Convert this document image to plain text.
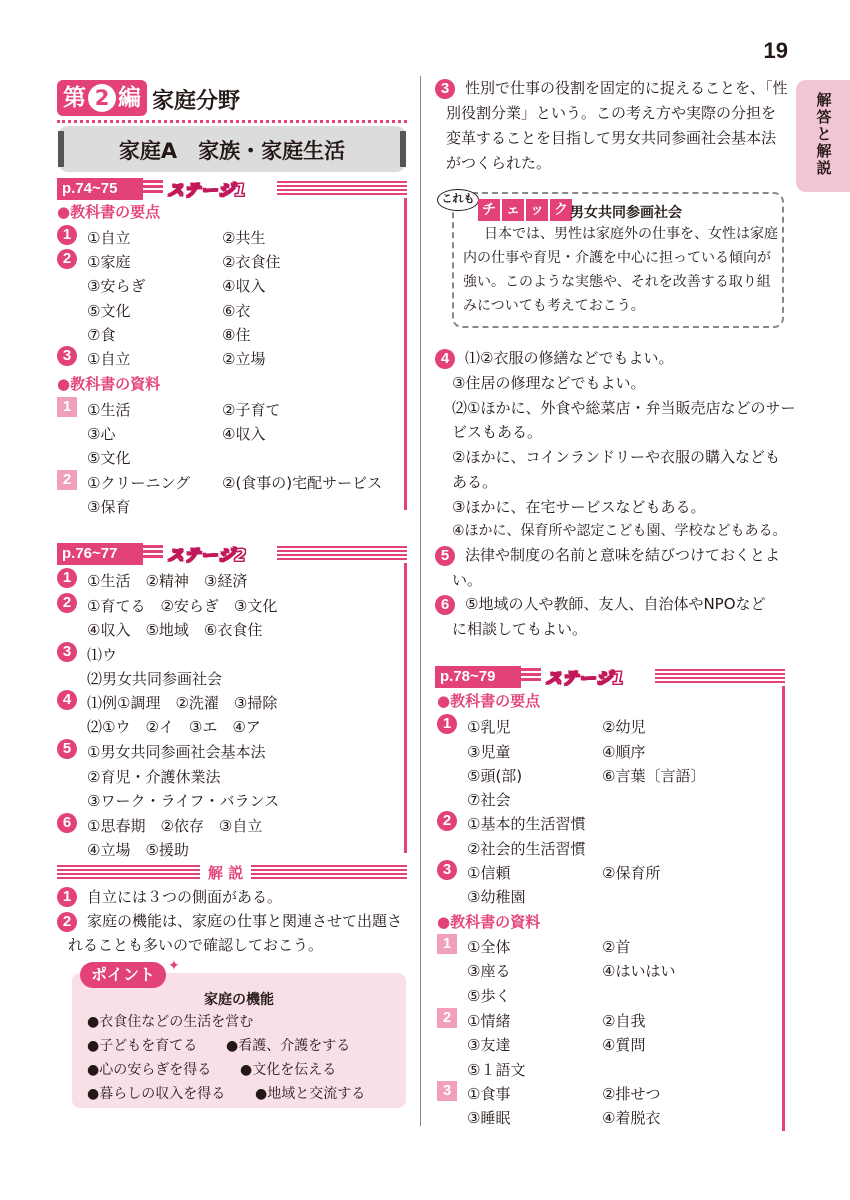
19
解答と解説
第 2 編 家庭分野
家庭A　家族・家庭生活
p.74~75	ステージ1
●教科書の要点
1	①自立	②共生
2	①家庭	②衣食住
③安らぎ	④収入
⑤文化	⑥衣
⑦食	⑧住
3	①自立	②立場
●教科書の資料
1	①生活	②子育て
③心	④収入
⑤文化
2	①クリーニング ②(食事の)宅配サービス
③保育
p.76~77	ステージ2
1	①生活　②精神　③経済
2	①育てる　②安らぎ　③文化
④収入　⑤地域　⑥衣食住
3	⑴ウ
⑵男女共同参画社会
4	⑴例①調理　②洗濯　③掃除
⑵①ウ　②イ　③エ　④ア
5	①男女共同参画社会基本法
②育児・介護休業法
③ワーク・ライフ・バランス
6	①思春期　②依存　③自立
④立場　⑤援助
解 説
1	自立には３つの側面がある。
2	家庭の機能は、家庭の仕事と関連させて出題さ
れることも多いので確認しておこう。
ポイント ✦
家庭の機能
●衣食住などの生活を営む
●子どもを育てる ●看護、介護をする
●心の安らぎを得る ●文化を伝える
●暮らしの収入を得る ●地域と交流する
3	性別で仕事の役割を固定的に捉えることを、「性
別役割分業」という。この考え方や実際の分担を
変革することを目指して男女共同参画社会基本法
がつくられた。
これも
チ ェ ッ ク 男女共同参画社会
日本では、男性は家庭外の仕事を、女性は家庭
内の仕事や育児・介護を中心に担っている傾向が
強い。このような実態や、それを改善する取り組
みについても考えておこう。
4	⑴②衣服の修繕などでもよい。
③住居の修理などでもよい。
⑵①ほかに、外食や総菜店・弁当販売店などのサー
ビスもある。
②ほかに、コインランドリーや衣服の購入なども
ある。
③ほかに、在宅サービスなどもある。
④ほかに、保育所や認定こども園、学校などもある。
5	法律や制度の名前と意味を結びつけておくとよ
い。
6	⑤地域の人や教師、友人、自治体やNPOなど
に相談してもよい。
p.78~79	ステージ1
●教科書の要点
1	①乳児	②幼児
③児童	④順序
⑤頭(部)	⑥言葉〔言語〕
⑦社会
2	①基本的生活習慣
②社会的生活習慣
3	①信頼	②保育所
③幼稚園
●教科書の資料
1	①全体	②首
③座る	④はいはい
⑤歩く
2	①情緒	②自我
③友達	④質問
⑤１語文
3	①食事	②排せつ
③睡眠	④着脱衣
